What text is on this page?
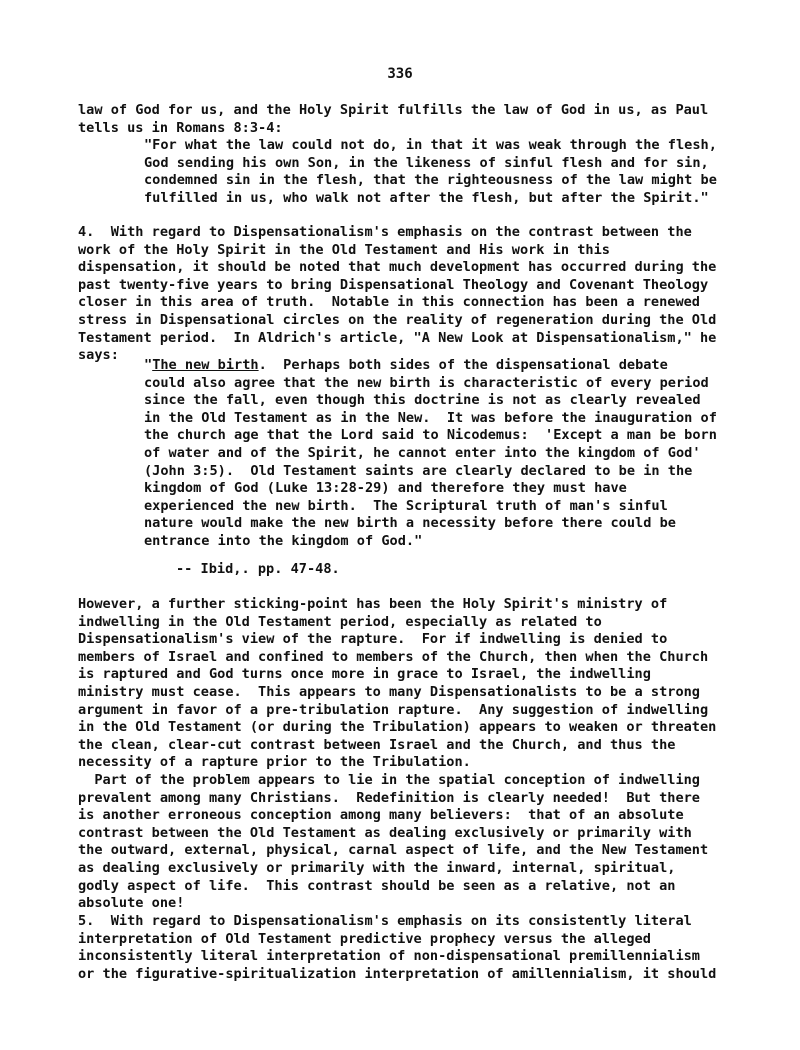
336
law of God for us, and the Holy Spirit fulfills the law of God in us, as Paul
tells us in Romans 8:3-4:
"For what the law could not do, in that it was weak through the flesh,
God sending his own Son, in the likeness of sinful flesh and for sin,
condemned sin in the flesh, that the righteousness of the law might be
fulfilled in us, who walk not after the flesh, but after the Spirit."
4.  With regard to Dispensationalism's emphasis on the contrast between the
work of the Holy Spirit in the Old Testament and His work in this
dispensation, it should be noted that much development has occurred during the
past twenty-five years to bring Dispensational Theology and Covenant Theology
closer in this area of truth.  Notable in this connection has been a renewed
stress in Dispensational circles on the reality of regeneration during the Old
Testament period.  In Aldrich's article, "A New Look at Dispensationalism," he
says:
"The new birth.  Perhaps both sides of the dispensational debate
could also agree that the new birth is characteristic of every period
since the fall, even though this doctrine is not as clearly revealed
in the Old Testament as in the New.  It was before the inauguration of
the church age that the Lord said to Nicodemus:  'Except a man be born
of water and of the Spirit, he cannot enter into the kingdom of God'
(John 3:5).  Old Testament saints are clearly declared to be in the
kingdom of God (Luke 13:28-29) and therefore they must have
experienced the new birth.  The Scriptural truth of man's sinful
nature would make the new birth a necessity before there could be
entrance into the kingdom of God."
-- Ibid,. pp. 47-48.
However, a further sticking-point has been the Holy Spirit's ministry of
indwelling in the Old Testament period, especially as related to
Dispensationalism's view of the rapture.  For if indwelling is denied to
members of Israel and confined to members of the Church, then when the Church
is raptured and God turns once more in grace to Israel, the indwelling
ministry must cease.  This appears to many Dispensationalists to be a strong
argument in favor of a pre-tribulation rapture.  Any suggestion of indwelling
in the Old Testament (or during the Tribulation) appears to weaken or threaten
the clean, clear-cut contrast between Israel and the Church, and thus the
necessity of a rapture prior to the Tribulation.
Part of the problem appears to lie in the spatial conception of indwelling
prevalent among many Christians.  Redefinition is clearly needed!  But there
is another erroneous conception among many believers:  that of an absolute
contrast between the Old Testament as dealing exclusively or primarily with
the outward, external, physical, carnal aspect of life, and the New Testament
as dealing exclusively or primarily with the inward, internal, spiritual,
godly aspect of life.  This contrast should be seen as a relative, not an
absolute one!
5.  With regard to Dispensationalism's emphasis on its consistently literal
interpretation of Old Testament predictive prophecy versus the alleged
inconsistently literal interpretation of non-dispensational premillennialism
or the figurative-spiritualization interpretation of amillennialism, it should
